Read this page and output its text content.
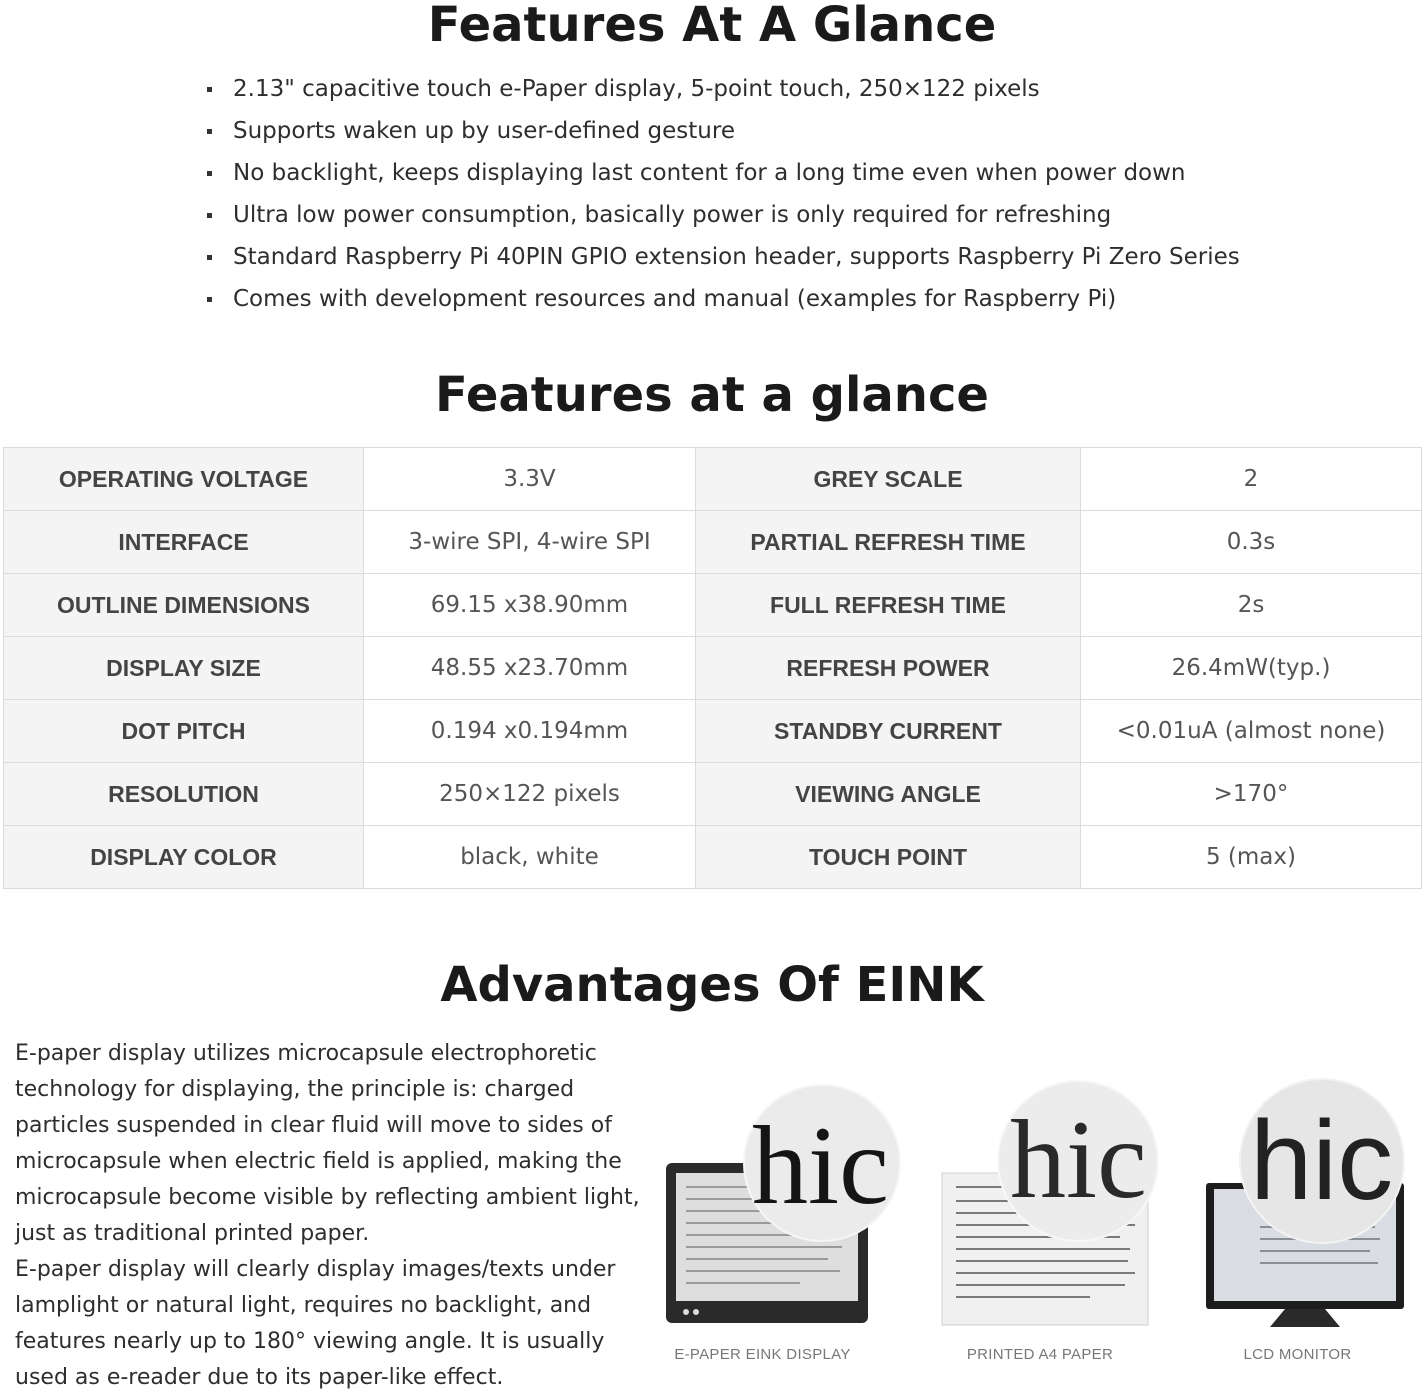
Features At A Glance
2.13" capacitive touch e-Paper display, 5-point touch, 250×122 pixels
Supports waken up by user-defined gesture
No backlight, keeps displaying last content for a long time even when power down
Ultra low power consumption, basically power is only required for refreshing
Standard Raspberry Pi 40PIN GPIO extension header, supports Raspberry Pi Zero Series
Comes with development resources and manual (examples for Raspberry Pi)
Features at a glance
OPERATING VOLTAGE	3.3V	GREY SCALE	2
INTERFACE	3-wire SPI, 4-wire SPI	PARTIAL REFRESH TIME	0.3s
OUTLINE DIMENSIONS	69.15 x38.90mm	FULL REFRESH TIME	2s
DISPLAY SIZE	48.55 x23.70mm	REFRESH POWER	26.4mW(typ.)
DOT PITCH	0.194 x0.194mm	STANDBY CURRENT	<0.01uA (almost none)
RESOLUTION	250×122 pixels	VIEWING ANGLE	>170°
DISPLAY COLOR	black, white	TOUCH POINT	5 (max)
Advantages Of EINK

E-paper display utilizes microcapsule electrophoretic technology for displaying, the principle is: charged particles suspended in clear fluid will move to sides of microcapsule when electric field is applied, making the microcapsule become visible by reflecting ambient light, just as traditional printed paper.

E-paper display will clearly display images/texts under lamplight or natural light, requires no backlight, and features nearly up to 180° viewing angle. It is usually used as e-reader due to its paper-like effect.

hic hic hic
E-PAPER EINK DISPLAY	PRINTED A4 PAPER	LCD MONITOR
